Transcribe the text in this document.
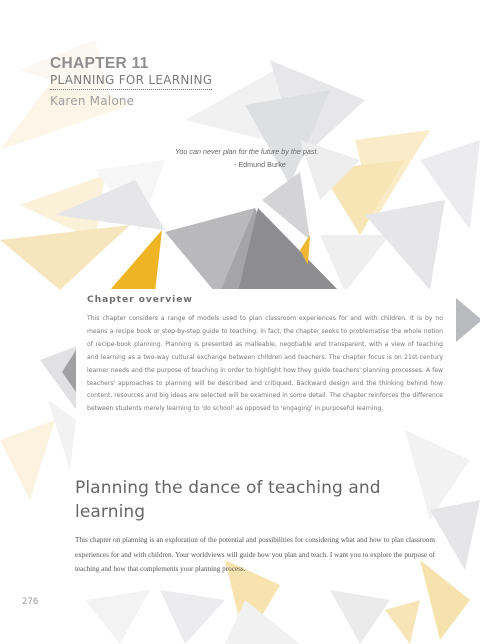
CHAPTER 11
PLANNING FOR LEARNING
Karen Malone
You can never plan for the future by the past.
- Edmund Burke
Chapter overview
This chapter considers a range of models used to plan classroom experiences for and with children. It is by no means a recipe book or step-by-step guide to teaching. In fact, the chapter seeks to problematise the whole notion of recipe-book planning. Planning is presented as malleable, negotiable and transparent, with a view of teaching and learning as a two-way cultural exchange between children and teachers. The chapter focus is on 21st-century learner needs and the purpose of teaching in order to highlight how they guide teachers' planning processes. A few teachers' approaches to planning will be described and critiqued. Backward design and the thinking behind how content, resources and big ideas are selected will be examined in some detail. The chapter reinforces the difference between students merely learning to 'do school' as opposed to 'engaging' in purposeful learning.
Planning the dance of teaching and learning
This chapter on planning is an exploration of the potential and possibilities for considering what and how to plan classroom experiences for and with children. Your worldviews will guide how you plan and teach. I want you to explore the purpose of teaching and how that complements your planning process.
276
